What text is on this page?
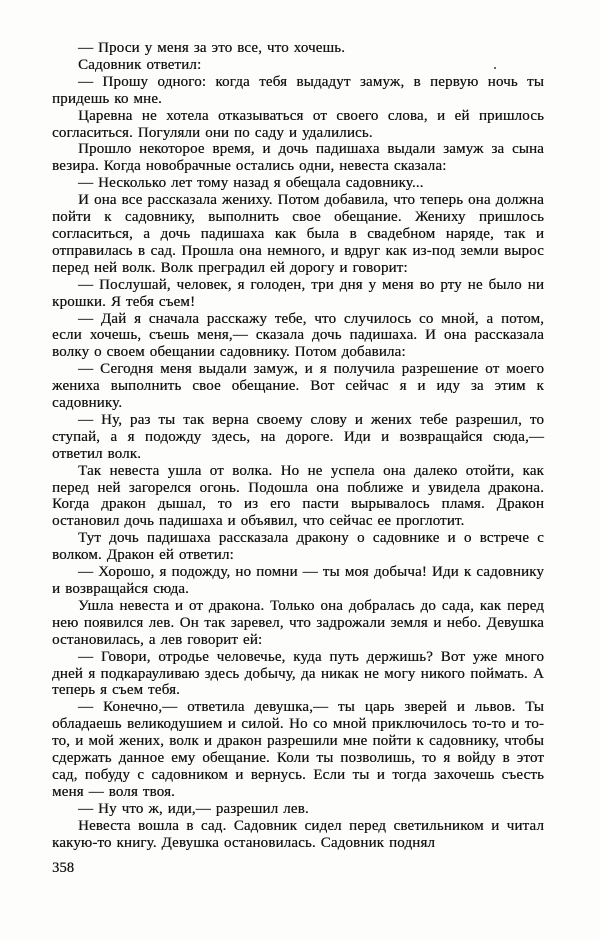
— Проси у меня за это все, что хочешь.

Садовник ответил:

— Прошу одного: когда тебя выдадут замуж, в первую ночь ты придешь ко мне.

Царевна не хотела отказываться от своего слова, и ей пришлось согласиться. Погуляли они по саду и удалились.

Прошло некоторое время, и дочь падишаха выдали замуж за сына везира. Когда новобрачные остались одни, невеста сказала:

— Несколько лет тому назад я обещала садовнику...

И она все рассказала жениху. Потом добавила, что теперь она должна пойти к садовнику, выполнить свое обещание. Жениху пришлось согласиться, а дочь падишаха как была в свадебном наряде, так и отправилась в сад. Прошла она немного, и вдруг как из-под земли вырос перед ней волк. Волк преградил ей дорогу и говорит:

— Послушай, человек, я голоден, три дня у меня во рту не было ни крошки. Я тебя съем!

— Дай я сначала расскажу тебе, что случилось со мной, а потом, если хочешь, съешь меня,— сказала дочь падишаха. И она рассказала волку о своем обещании садовнику. Потом добавила:

— Сегодня меня выдали замуж, и я получила разрешение от моего жениха выполнить свое обещание. Вот сейчас я и иду за этим к садовнику.

— Ну, раз ты так верна своему слову и жених тебе разрешил, то ступай, а я подожду здесь, на дороге. Иди и возвращайся сюда,— ответил волк.

Так невеста ушла от волка. Но не успела она далеко отойти, как перед ней загорелся огонь. Подошла она поближе и увидела дракона. Когда дракон дышал, то из его пасти вырывалось пламя. Дракон остановил дочь падишаха и объявил, что сейчас ее проглотит.

Тут дочь падишаха рассказала дракону о садовнике и о встрече с волком. Дракон ей ответил:

— Хорошо, я подожду, но помни — ты моя добыча! Иди к садовнику и возвращайся сюда.

Ушла невеста и от дракона. Только она добралась до сада, как перед нею появился лев. Он так заревел, что задрожали земля и небо. Девушка остановилась, а лев говорит ей:

— Говори, отродье человечье, куда путь держишь? Вот уже много дней я подкарауливаю здесь добычу, да никак не могу никого поймать. А теперь я съем тебя.

— Конечно,— ответила девушка,— ты царь зверей и львов. Ты обладаешь великодушием и силой. Но со мной приключилось то-то и то-то, и мой жених, волк и дракон разрешили мне пойти к садовнику, чтобы сдержать данное ему обещание. Коли ты позволишь, то я войду в этот сад, побуду с садовником и вернусь. Если ты и тогда захочешь съесть меня — воля твоя.

— Ну что ж, иди,— разрешил лев.

Невеста вошла в сад. Садовник сидел перед светильником и читал какую-то книгу. Девушка остановилась. Садовник поднял

358
